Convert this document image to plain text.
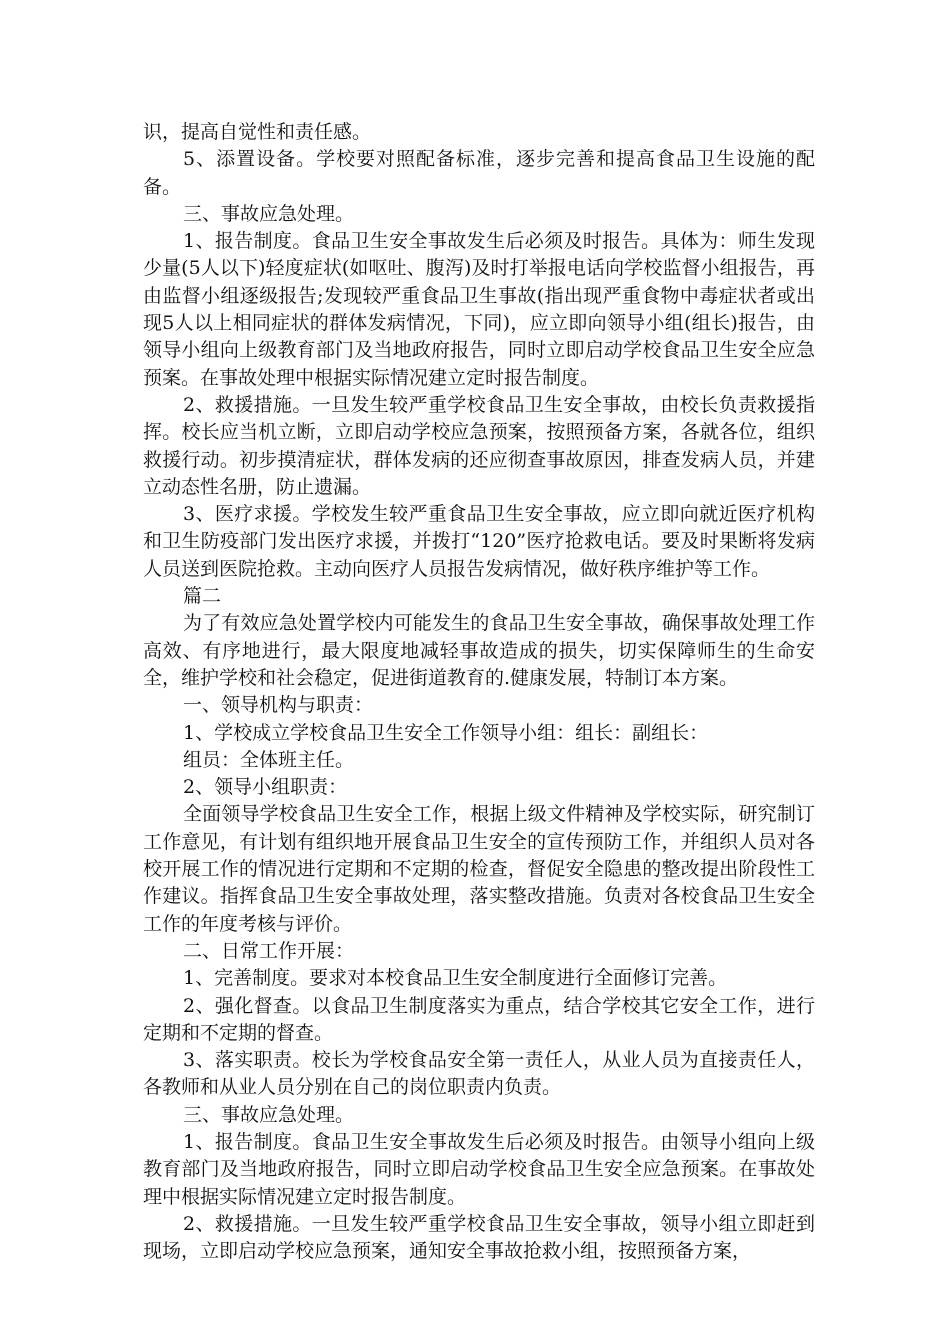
识，提高自觉性和责任感。

5、添置设备。学校要对照配备标准，逐步完善和提高食品卫生设施的配备。

三、事故应急处理。

1、报告制度。食品卫生安全事故发生后必须及时报告。具体为：师生发现少量(5人以下)轻度症状(如呕吐、腹泻)及时打举报电话向学校监督小组报告，再由监督小组逐级报告;发现较严重食品卫生事故(指出现严重食物中毒症状者或出现5人以上相同症状的群体发病情况，下同)，应立即向领导小组(组长)报告，由领导小组向上级教育部门及当地政府报告，同时立即启动学校食品卫生安全应急预案。在事故处理中根据实际情况建立定时报告制度。

2、救援措施。一旦发生较严重学校食品卫生安全事故，由校长负责救援指挥。校长应当机立断，立即启动学校应急预案，按照预备方案，各就各位，组织救援行动。初步摸清症状，群体发病的还应彻查事故原因，排查发病人员，并建立动态性名册，防止遗漏。

3、医疗求援。学校发生较严重食品卫生安全事故，应立即向就近医疗机构和卫生防疫部门发出医疗求援，并拨打“120”医疗抢救电话。要及时果断将发病人员送到医院抢救。主动向医疗人员报告发病情况，做好秩序维护等工作。

篇二

为了有效应急处置学校内可能发生的食品卫生安全事故，确保事故处理工作高效、有序地进行，最大限度地减轻事故造成的损失，切实保障师生的生命安全，维护学校和社会稳定，促进街道教育的.健康发展，特制订本方案。

一、领导机构与职责：

1、学校成立学校食品卫生安全工作领导小组：组长：副组长：

组员：全体班主任。

2、领导小组职责：

全面领导学校食品卫生安全工作，根据上级文件精神及学校实际，研究制订工作意见，有计划有组织地开展食品卫生安全的宣传预防工作，并组织人员对各校开展工作的情况进行定期和不定期的检查，督促安全隐患的整改提出阶段性工作建议。指挥食品卫生安全事故处理，落实整改措施。负责对各校食品卫生安全工作的年度考核与评价。

二、日常工作开展：

1、完善制度。要求对本校食品卫生安全制度进行全面修订完善。

2、强化督查。以食品卫生制度落实为重点，结合学校其它安全工作，进行定期和不定期的督查。

3、落实职责。校长为学校食品安全第一责任人，从业人员为直接责任人，各教师和从业人员分别在自己的岗位职责内负责。

三、事故应急处理。

1、报告制度。食品卫生安全事故发生后必须及时报告。由领导小组向上级教育部门及当地政府报告，同时立即启动学校食品卫生安全应急预案。在事故处理中根据实际情况建立定时报告制度。

2、救援措施。一旦发生较严重学校食品卫生安全事故，领导小组立即赶到现场，立即启动学校应急预案，通知安全事故抢救小组，按照预备方案，
